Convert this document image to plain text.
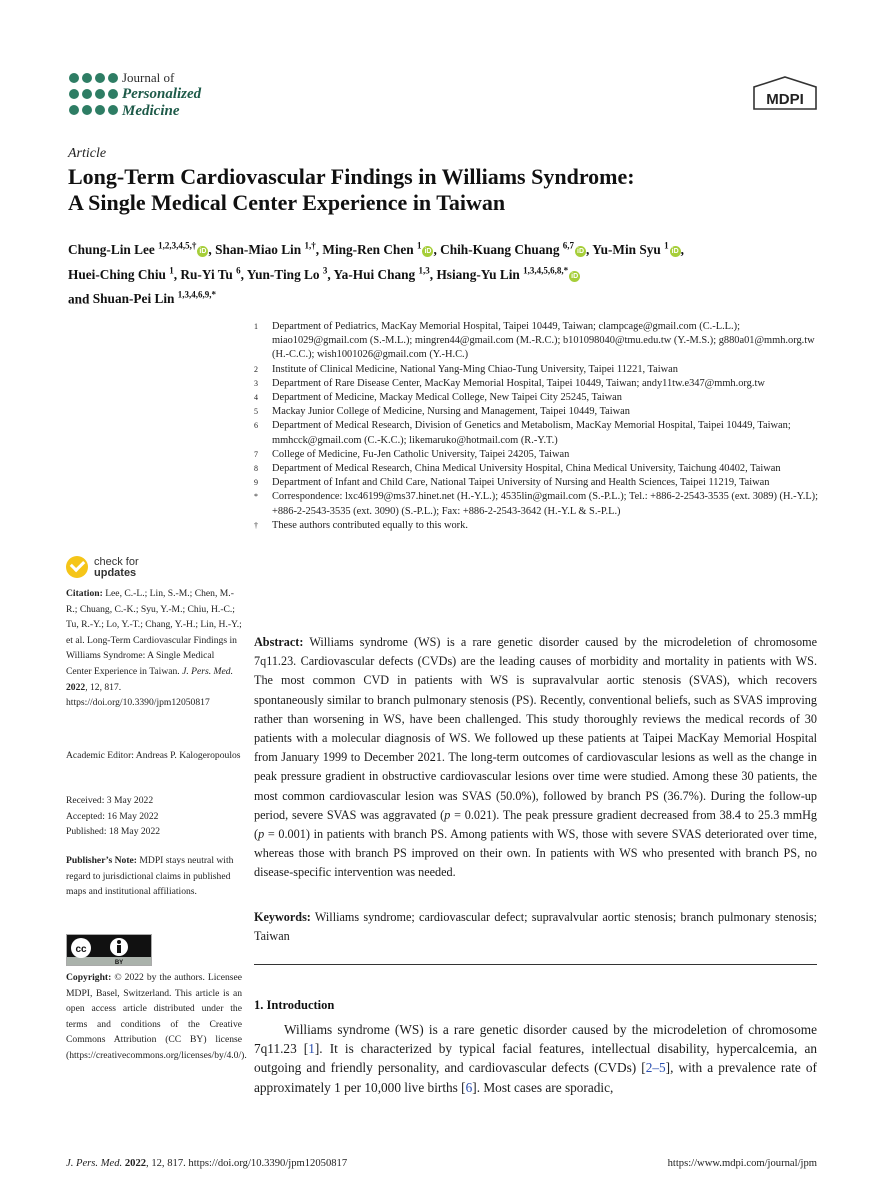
Journal of
Personalized
Medicine
MDPI
Article
Long-Term Cardiovascular Findings in Williams Syndrome:
A Single Medical Center Experience in Taiwan
Chung-Lin Lee $^{1,2,3,4,5,\dagger}$iD , Shan-Miao Lin $^{1,\dagger}$, Ming-Ren Chen $^1$iD , Chih-Kuang Chuang $^{6,7}$iD , Yu-Min Syu $^1$iD ,
Huei-Ching Chiu $^1$, Ru-Yi Tu $^6$, Yun-Ting Lo $^3$, Ya-Hui Chang $^{1,3}$, Hsiang-Yu Lin $^{1,3,4,5,6,8,*}$iD
and Shuan-Pei Lin $^{1,3,4,6,9,*}$
1	Department of Pediatrics, MacKay Memorial Hospital, Taipei 10449, Taiwan; clampcage@gmail.com (C.-L.L.); miao1029@gmail.com (S.-M.L.); mingren44@gmail.com (M.-R.C.); b101098040@tmu.edu.tw (Y.-M.S.); g880a01@mmh.org.tw (H.-C.C.); wish1001026@gmail.com (Y.-H.C.)
2	Institute of Clinical Medicine, National Yang-Ming Chiao-Tung University, Taipei 11221, Taiwan
3	Department of Rare Disease Center, MacKay Memorial Hospital, Taipei 10449, Taiwan; andy11tw.e347@mmh.org.tw
4	Department of Medicine, Mackay Medical College, New Taipei City 25245, Taiwan
5	Mackay Junior College of Medicine, Nursing and Management, Taipei 10449, Taiwan
6	Department of Medical Research, Division of Genetics and Metabolism, MacKay Memorial Hospital, Taipei 10449, Taiwan; mmhcck@gmail.com (C.-K.C.); likemaruko@hotmail.com (R.-Y.T.)
7	College of Medicine, Fu-Jen Catholic University, Taipei 24205, Taiwan
8	Department of Medical Research, China Medical University Hospital, China Medical University, Taichung 40402, Taiwan
9	Department of Infant and Child Care, National Taipei University of Nursing and Health Sciences, Taipei 11219, Taiwan
*	Correspondence: lxc46199@ms37.hinet.net (H.-Y.L.); 4535lin@gmail.com (S.-P.L.); Tel.: +886-2-2543-3535 (ext. 3089) (H.-Y.L); +886-2-2543-3535 (ext. 3090) (S.-P.L.); Fax: +886-2-2543-3642 (H.-Y.L & S.-P.L.)
†	These authors contributed equally to this work.
check for
updates
Citation: Lee, C.-L.; Lin, S.-M.; Chen, M.-R.; Chuang, C.-K.; Syu, Y.-M.; Chiu, H.-C.; Tu, R.-Y.; Lo, Y.-T.; Chang, Y.-H.; Lin, H.-Y.; et al. Long-Term Cardiovascular Findings in Williams Syndrome: A Single Medical Center Experience in Taiwan. J. Pers. Med. 2022, 12, 817. https://doi.org/10.3390/jpm12050817
Academic Editor: Andreas P. Kalogeropoulos
Received: 3 May 2022
Accepted: 16 May 2022
Published: 18 May 2022
Publisher’s Note: MDPI stays neutral with regard to jurisdictional claims in published maps and institutional affiliations.
cc
BY
Copyright: © 2022 by the authors. Licensee MDPI, Basel, Switzerland. This article is an open access article distributed under the terms and conditions of the Creative Commons Attribution (CC BY) license (https://creativecommons.org/licenses/by/4.0/).
Abstract: Williams syndrome (WS) is a rare genetic disorder caused by the microdeletion of chromosome 7q11.23. Cardiovascular defects (CVDs) are the leading causes of morbidity and mortality in patients with WS. The most common CVD in patients with WS is supravalvular aortic stenosis (SVAS), which recovers spontaneously similar to branch pulmonary stenosis (PS). Recently, conventional beliefs, such as SVAS improving rather than worsening in WS, have been challenged. This study thoroughly reviews the medical records of 30 patients with a molecular diagnosis of WS. We followed up these patients at Taipei MacKay Memorial Hospital from January 1999 to December 2021. The long-term outcomes of cardiovascular lesions as well as the change in peak pressure gradient in obstructive cardiovascular lesions over time were studied. Among these 30 patients, the most common cardiovascular lesion was SVAS (50.0%), followed by branch PS (36.7%). During the follow-up period, severe SVAS was aggravated (p = 0.021). The peak pressure gradient decreased from 38.4 to 25.3 mmHg (p = 0.001) in patients with branch PS. Among patients with WS, those with severe SVAS deteriorated over time, whereas those with branch PS improved on their own. In patients with WS who presented with branch PS, no disease-specific intervention was needed.
Keywords: Williams syndrome; cardiovascular defect; supravalvular aortic stenosis; branch pulmonary stenosis; Taiwan
1. Introduction
Williams syndrome (WS) is a rare genetic disorder caused by the microdeletion of chromosome 7q11.23 [1]. It is characterized by typical facial features, intellectual disability, hypercalcemia, an outgoing and friendly personality, and cardiovascular defects (CVDs) [2–5], with a prevalence rate of approximately 1 per 10,000 live births [6]. Most cases are sporadic,
J. Pers. Med. 2022, 12, 817. https://doi.org/10.3390/jpm12050817	https://www.mdpi.com/journal/jpm
